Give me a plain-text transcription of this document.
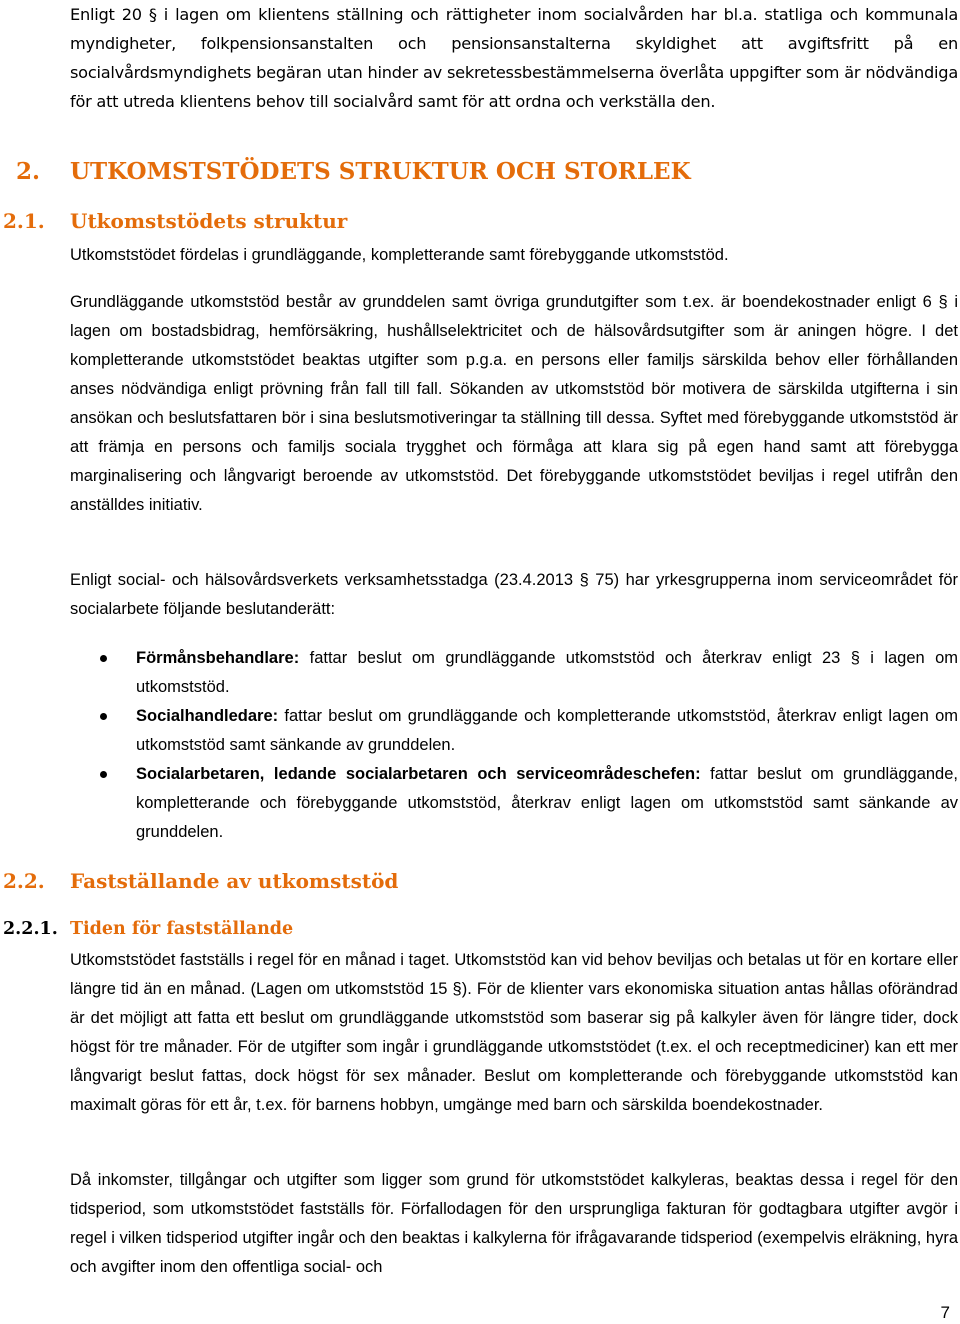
Enligt 20 § i lagen om klientens ställning och rättigheter inom socialvården har bl.a. statliga och kommunala myndigheter, folkpensionsanstalten och pensionsanstalterna skyldighet att avgiftsfritt på en socialvårdsmyndighets begäran utan hinder av sekretessbestämmelserna överlåta uppgifter som är nödvändiga för att utreda klientens behov till socialvård samt för att ordna och verkställa den.
2. UTKOMSTSTÖDETS STRUKTUR OCH STORLEK
2.1. Utkomststödets struktur
Utkomststödet fördelas i grundläggande, kompletterande samt förebyggande utkomststöd.
Grundläggande utkomststöd består av grunddelen samt övriga grundutgifter som t.ex. är boendekostnader enligt 6 § i lagen om bostadsbidrag, hemförsäkring, hushållselektricitet och de hälsovårdsutgifter som är aningen högre. I det kompletterande utkomststödet beaktas utgifter som p.g.a. en persons eller familjs särskilda behov eller förhållanden anses nödvändiga enligt prövning från fall till fall. Sökanden av utkomststöd bör motivera de särskilda utgifterna i sin ansökan och beslutsfattaren bör i sina beslutsmotiveringar ta ställning till dessa. Syftet med förebyggande utkomststöd är att främja en persons och familjs sociala trygghet och förmåga att klara sig på egen hand samt att förebygga marginalisering och långvarigt beroende av utkomststöd. Det förebyggande utkomststödet beviljas i regel utifrån den anställdes initiativ.
Enligt social- och hälsovårdsverkets verksamhetsstadga (23.4.2013 § 75) har yrkesgrupperna inom serviceområdet för socialarbete följande beslutanderätt:
Förmånsbehandlare: fattar beslut om grundläggande utkomststöd och återkrav enligt 23 § i lagen om utkomststöd.
Socialhandledare: fattar beslut om grundläggande och kompletterande utkomststöd, återkrav enligt lagen om utkomststöd samt sänkande av grunddelen.
Socialarbetaren, ledande socialarbetaren och serviceområdeschefen: fattar beslut om grundläggande, kompletterande och förebyggande utkomststöd, återkrav enligt lagen om utkomststöd samt sänkande av grunddelen.
2.2. Fastställande av utkomststöd
2.2.1. Tiden för fastställande
Utkomststödet fastställs i regel för en månad i taget. Utkomststöd kan vid behov beviljas och betalas ut för en kortare eller längre tid än en månad. (Lagen om utkomststöd 15 §). För de klienter vars ekonomiska situation antas hållas oförändrad är det möjligt att fatta ett beslut om grundläggande utkomststöd som baserar sig på kalkyler även för längre tider, dock högst för tre månader. För de utgifter som ingår i grundläggande utkomststödet (t.ex. el och receptmediciner) kan ett mer långvarigt beslut fattas, dock högst för sex månader. Beslut om kompletterande och förebyggande utkomststöd kan maximalt göras för ett år, t.ex. för barnens hobbyn, umgänge med barn och särskilda boendekostnader.
Då inkomster, tillgångar och utgifter som ligger som grund för utkomststödet kalkyleras, beaktas dessa i regel för den tidsperiod, som utkomststödet fastställs för. Förfallodagen för den ursprungliga fakturan för godtagbara utgifter avgör i regel i vilken tidsperiod utgifter ingår och den beaktas i kalkylerna för ifrågavarande tidsperiod (exempelvis elräkning, hyra och avgifter inom den offentliga social- och
7
